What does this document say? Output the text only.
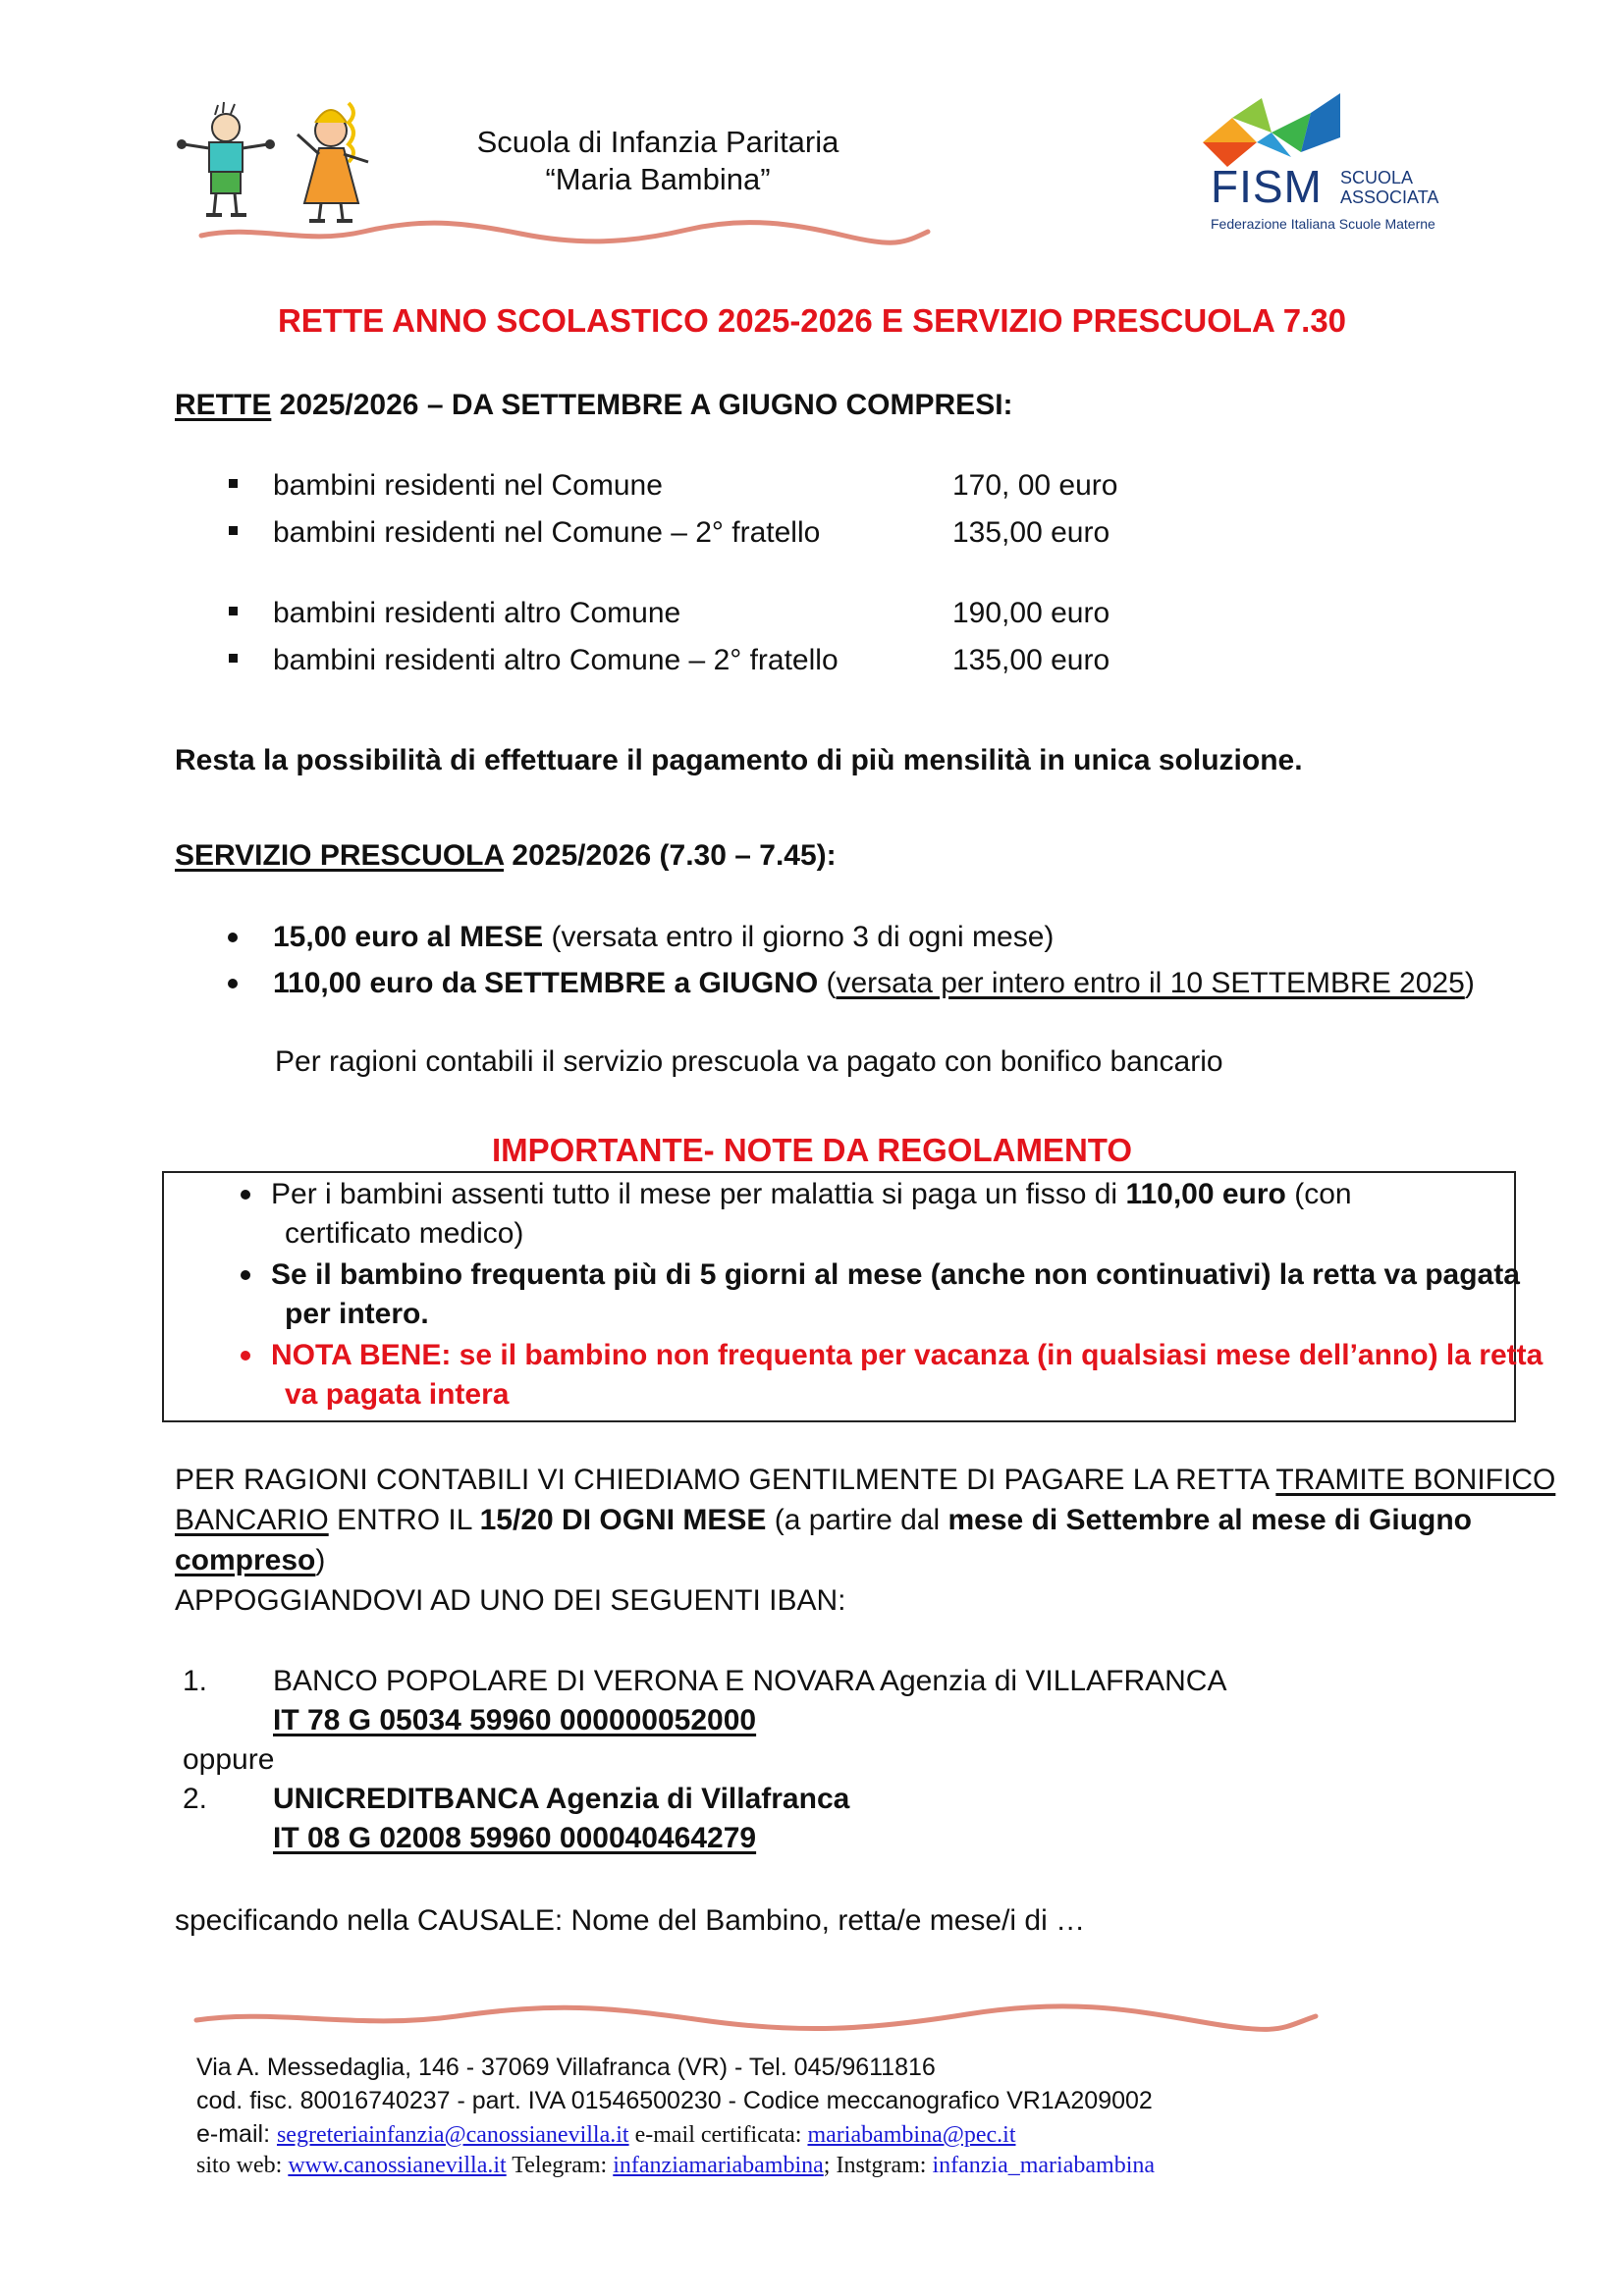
Scuola di Infanzia Paritaria
“Maria Bambina”	FISM SCUOLA
ASSOCIATA
Federazione Italiana Scuole Materne
RETTE ANNO SCOLASTICO 2025-2026 E SERVIZIO PRESCUOLA 7.30
RETTE 2025/2026 – DA SETTEMBRE A GIUGNO COMPRESI:
bambini residenti nel Comune	170, 00 euro
bambini residenti nel Comune – 2° fratello	135,00 euro
bambini residenti altro Comune	190,00 euro
bambini residenti altro Comune – 2° fratello	135,00 euro
Resta la possibilità di effettuare il pagamento di più mensilità in unica soluzione.
SERVIZIO PRESCUOLA 2025/2026 (7.30 – 7.45):
15,00 euro al MESE (versata entro il giorno 3 di ogni mese)
110,00 euro da SETTEMBRE a GIUGNO (versata per intero entro il 10 SETTEMBRE 2025)
Per ragioni contabili il servizio prescuola va pagato con bonifico bancario
IMPORTANTE- NOTE DA REGOLAMENTO
Per i bambini assenti tutto il mese per malattia si paga un fisso di 110,00 euro (con
certificato medico)
Se il bambino frequenta più di 5 giorni al mese (anche non continuativi) la retta va pagata
per intero.
NOTA BENE: se il bambino non frequenta per vacanza (in qualsiasi mese dell’anno) la retta
va pagata intera
PER RAGIONI CONTABILI VI CHIEDIAMO GENTILMENTE DI PAGARE LA RETTA TRAMITE BONIFICO
BANCARIO ENTRO IL 15/20 DI OGNI MESE (a partire dal mese di Settembre al mese di Giugno
compreso)
APPOGGIANDOVI AD UNO DEI SEGUENTI IBAN:
1. BANCO POPOLARE DI VERONA E NOVARA Agenzia di VILLAFRANCA
IT 78 G 05034 59960 000000052000
oppure
2. UNICREDITBANCA Agenzia di Villafranca
IT 08 G 02008 59960 000040464279
specificando nella CAUSALE: Nome del Bambino, retta/e mese/i di …
Via A. Messedaglia, 146 - 37069 Villafranca (VR) - Tel. 045/9611816
cod. fisc. 80016740237 - part. IVA 01546500230 - Codice meccanografico VR1A209002
e-mail: segreteriainfanzia@canossianevilla.it e-mail certificata: mariabambina@pec.it
sito web: www.canossianevilla.it Telegram: infanziamariabambina; Instgram: infanzia_mariabambina
